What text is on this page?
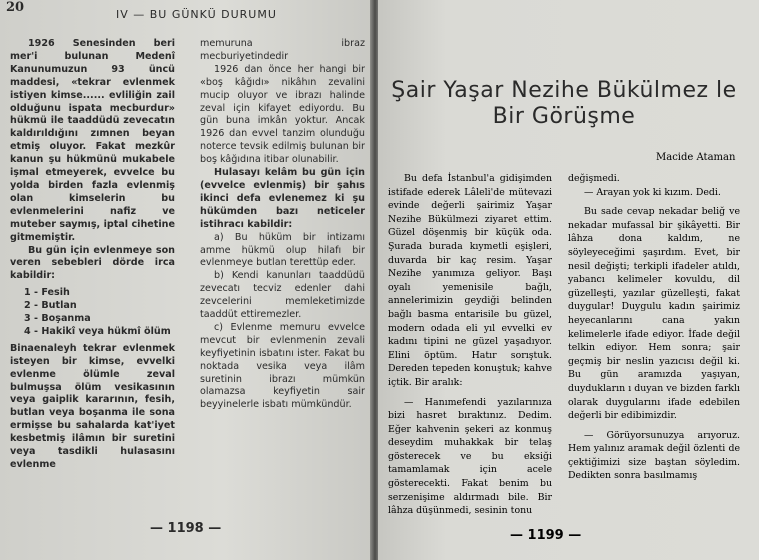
20	IV — BU GÜNKÜ DURUMU

1926 Senesinden beri mer'i bulunan Medenî Kanunumuzun 93 üncü maddesi, «tekrar evlenmek istiyen kimse...... evliliğin zail olduğunu ispata mecburdur» hükmü ile taaddüdü zevecatın kaldırıldığını zımnen beyan etmiş oluyor. Fakat mezkûr kanun şu hükmünü mukabele işmal etmeyerek, evvelce bu yolda birden fazla evlenmiş olan kimselerin bu evlenmelerini nafiz ve muteber saymış, iptal cihetine gitmemiştir.

Bu gün için evlenmeye son veren sebebleri dörde irca kabildir:

1 - Fesih
2 - Butlan
3 - Boşanma
4 - Hakikî veya hükmî ölüm

Binaenaleyh tekrar evlenmek isteyen bir kimse, evvelki evlenme ölümle zeval bulmuşsa ölüm vesikasının veya gaiplik kararının, fesih, butlan veya boşanma ile sona ermişse bu sahalarda kat'iyet kesbetmiş ilâmın bir suretini veya tasdikli hulasasını evlenme

memuruna ibraz mecburiyetindedir

1926 dan önce her hangi bir «boş kâğıdı» nikâhın zevalini mucip oluyor ve ibrazı halinde zeval için kifayet ediyordu. Bu gün buna imkân yoktur. Ancak 1926 dan evvel tanzim olunduğu noterce tevsik edilmiş bulunan bir boş kâğıdına itibar olunabilir.

Hulasayı kelâm bu gün için (evvelce evlenmiş) bir şahıs ikinci defa evlenemez ki şu hükümden bazı neticeler istihracı kabildir:

a) Bu hüküm bir intizamı amme hükmü olup hilafı bir evlenmeye butlan terettüp eder.

b) Kendi kanunları taaddüdü zevecatı tecviz edenler dahi zevcelerini memleketimizde taaddüt ettiremezler.

c) Evlenme memuru evvelce mevcut bir evlenmenin zevali keyfiyetinin isbatını ister. Fakat bu noktada vesika veya ilâm suretinin ibrazı mümkün olamazsa keyfiyetin sair beyyinelerle isbatı mümkündür.

— 1198 —
Şair Yaşar Nezihe Bükülmez le
Bir Görüşme
Macide Ataman

Bu defa İstanbul'a gidişimden istifade ederek Lâleli'de mütevazi evinde değerli şairimiz Yaşar Nezihe Bükülmezi ziyaret ettim. Güzel döşenmiş bir küçük oda. Şurada burada kıymetli eşişleri, duvarda bir kaç resim. Yaşar Nezihe yanımıza geliyor. Başı oyalı yemenisile bağlı, annelerimizin geydiği belinden bağlı basma entarisile bu güzel, modern odada eli yıl evvelki ev kadını tipini ne güzel yaşadıyor. Elini öptüm. Hatır sorıştuk. Dereden tepeden konuştuk; kahve içtik. Bir aralık:

— Hanımefendi yazılarınıza bizi hasret bıraktınız. Dedim. Eğer kahvenin şekeri az konmuş deseydim muhakkak bir telaş gösterecek ve bu eksiği tamamlamak için acele gösterecekti. Fakat benim bu serzenişime aldırmadı bile. Bir lâhza düşünmedi, sesinin tonu

değişmedi.

— Arayan yok ki kızım. Dedi.

Bu sade cevap nekadar beliğ ve nekadar mufassal bir şikâyetti. Bir lâhza dona kaldım, ne söyleyeceğimi şaşırdım. Evet, bir nesil değişti; terkipli ifadeler atıldı, yabancı kelimeler kovuldu, dil güzelleşti, yazılar güzelleşti, fakat duygular! Duygulu kadın şairimiz heyecanlarını cana yakın kelimelerle ifade ediyor. İfade değil telkin ediyor. Hem sonra; şair geçmiş bir neslin yazıcısı değil ki. Bu gün aramızda yaşıyan, duydukların ı duyan ve bizden farklı olarak duygularını ifade edebilen değerli bir edibimizdir.

— Görüyorsunuzya arıyoruz. Hem yalınız aramak değil özlenti de çektiğimizi size baştan söyledim. Dedikten sonra basılmamış

— 1199 —
